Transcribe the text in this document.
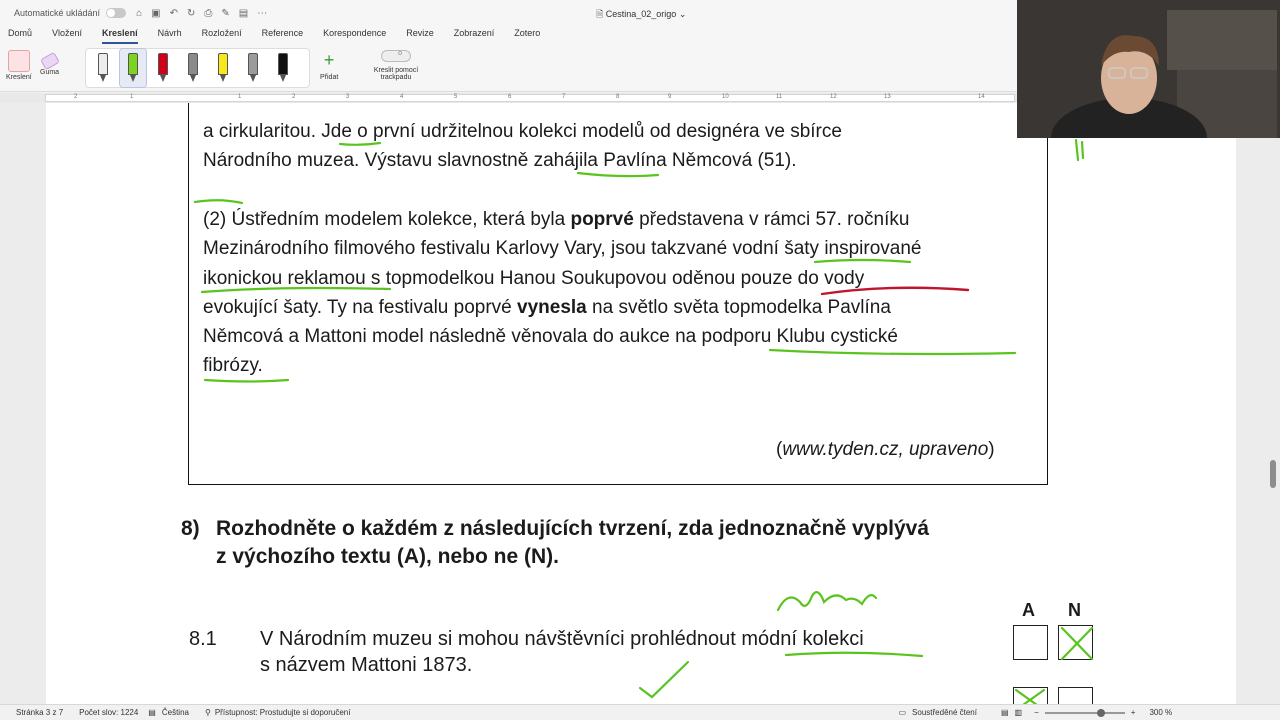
Automatické ukládání	⌂ ▣ ↶ ↻ ⎙ ✎ ▤ ⋯	🗎 Cestina_02_origo ⌄
Domů Vložení Kreslení Návrh Rozložení Reference Korespondence Revize Zobrazení Zotero
Kreslení
Guma
+
Přidat
o
Kreslit pomocí
trackpadu
2	1	1	2	3	4	5	6	7	8	9	10	11	12	13	14
a cirkularitou. Jde o první udržitelnou kolekci modelů od designéra ve sbírce
Národního muzea. Výstavu slavnostně zahájila Pavlína Němcová (51).
(2) Ústředním modelem kolekce, která byla poprvé představena v rámci 57. ročníku
Mezinárodního filmového festivalu Karlovy Vary, jsou takzvané vodní šaty inspirované
ikonickou reklamou s topmodelkou Hanou Soukupovou oděnou pouze do vody
evokující šaty. Ty na festivalu poprvé vynesla na světlo světa topmodelka Pavlína
Němcová a Mattoni model následně věnovala do aukce na podporu Klubu cystické
fibrózy.
(www.tyden.cz, upraveno)
8) Rozhodněte o každém z následujících tvrzení, zda jednoznačně vyplývá
z výchozího textu (A), nebo ne (N).
A N
8.1 V Národním muzeu si mohou návštěvníci prohlédnout módní kolekci
s názvem Mattoni 1873.
Stránka 3 z 7 Počet slov: 1224 ▤ Čeština ⚲ Přístupnost: Prostudujte si doporučení	▭ Soustředěné čtení	▤ ▥ −	+ 300 %
